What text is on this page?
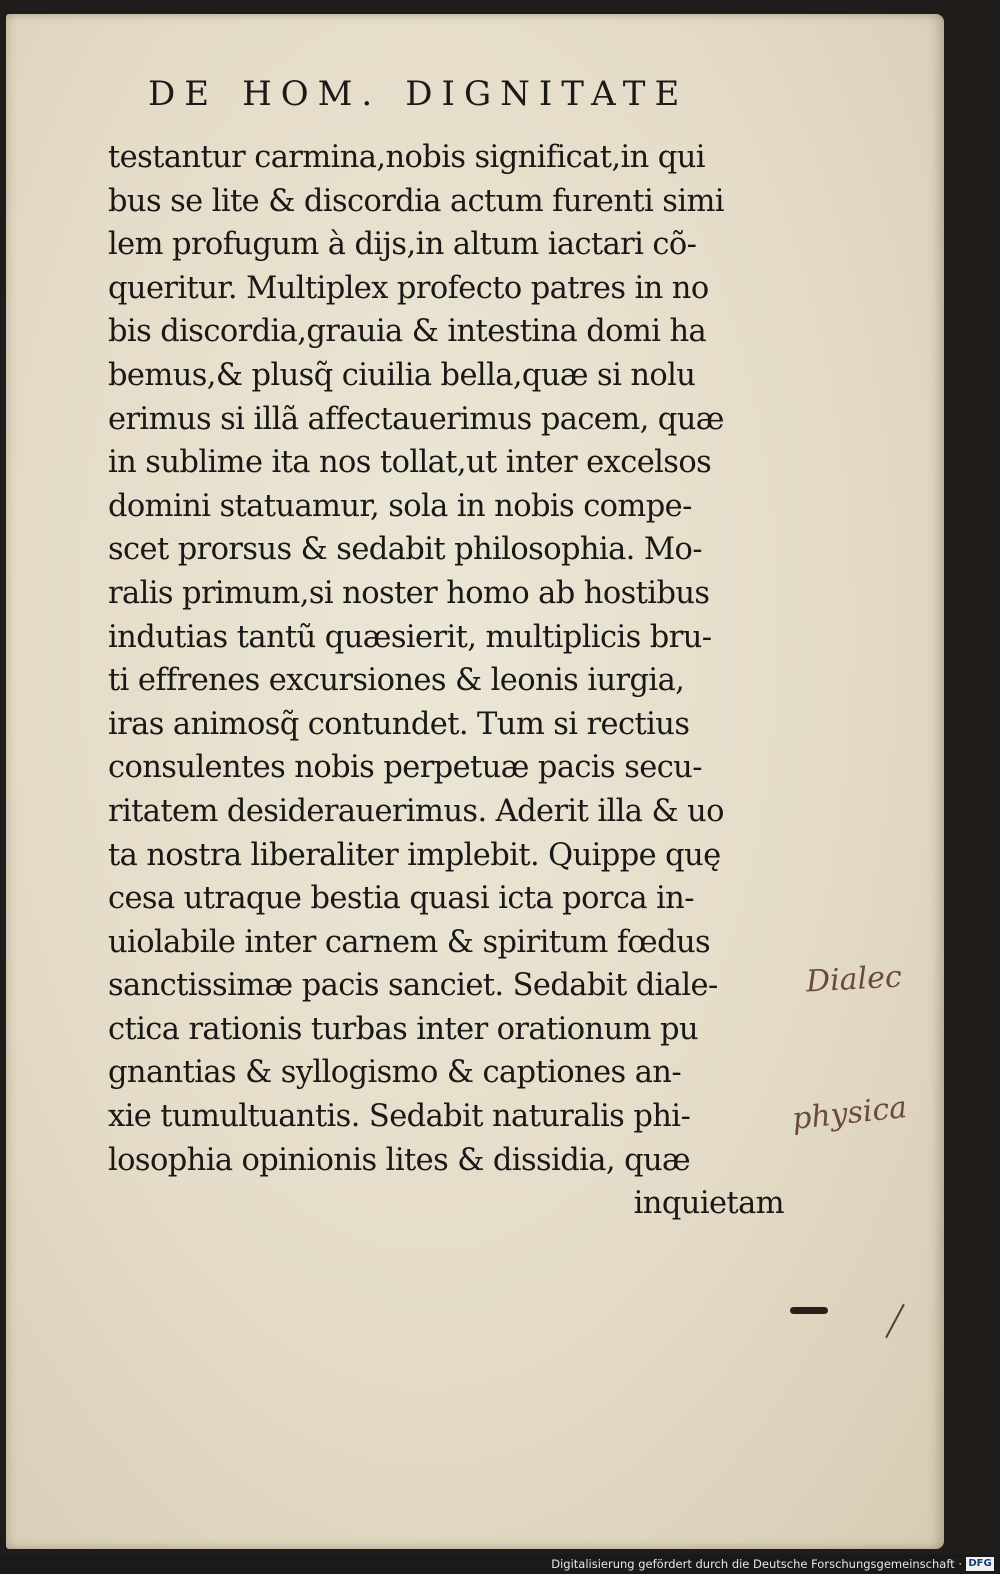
DE HOM. DIGNITATE
testantur carmina,nobis significat,in qui
bus se lite & discordia actum furenti simi
lem profugum à dijs,in altum iactari cõ-
queritur. Multiplex profecto patres in no
bis discordia,grauia & intestina domi ha
bemus,& plusq̃ ciuilia bella,quæ si nolu
erimus si illã affectauerimus pacem, quæ
in sublime ita nos tollat,ut inter excelsos
domini statuamur, sola in nobis compe-
scet prorsus & sedabit philosophia. Mo-
ralis primum,si noster homo ab hostibus
indutias tantũ quæsierit, multiplicis bru-
ti effrenes excursiones & leonis iurgia,
iras animosq̃ contundet. Tum si rectius
consulentes nobis perpetuæ pacis secu-
ritatem desiderauerimus. Aderit illa & uo
ta nostra liberaliter implebit. Quippe quę
cesa utraque bestia quasi icta porca in-
uiolabile inter carnem & spiritum fœdus
sanctissimæ pacis sanciet. Sedabit diale-
ctica rationis turbas inter orationum pu
gnantias & syllogismo & captiones an-
xie tumultuantis. Sedabit naturalis phi-
losophia opinionis lites & dissidia, quæ
inquietam
Dialec
physica
Digitalisierung gefördert durch die Deutsche Forschungsgemeinschaft · DFG
